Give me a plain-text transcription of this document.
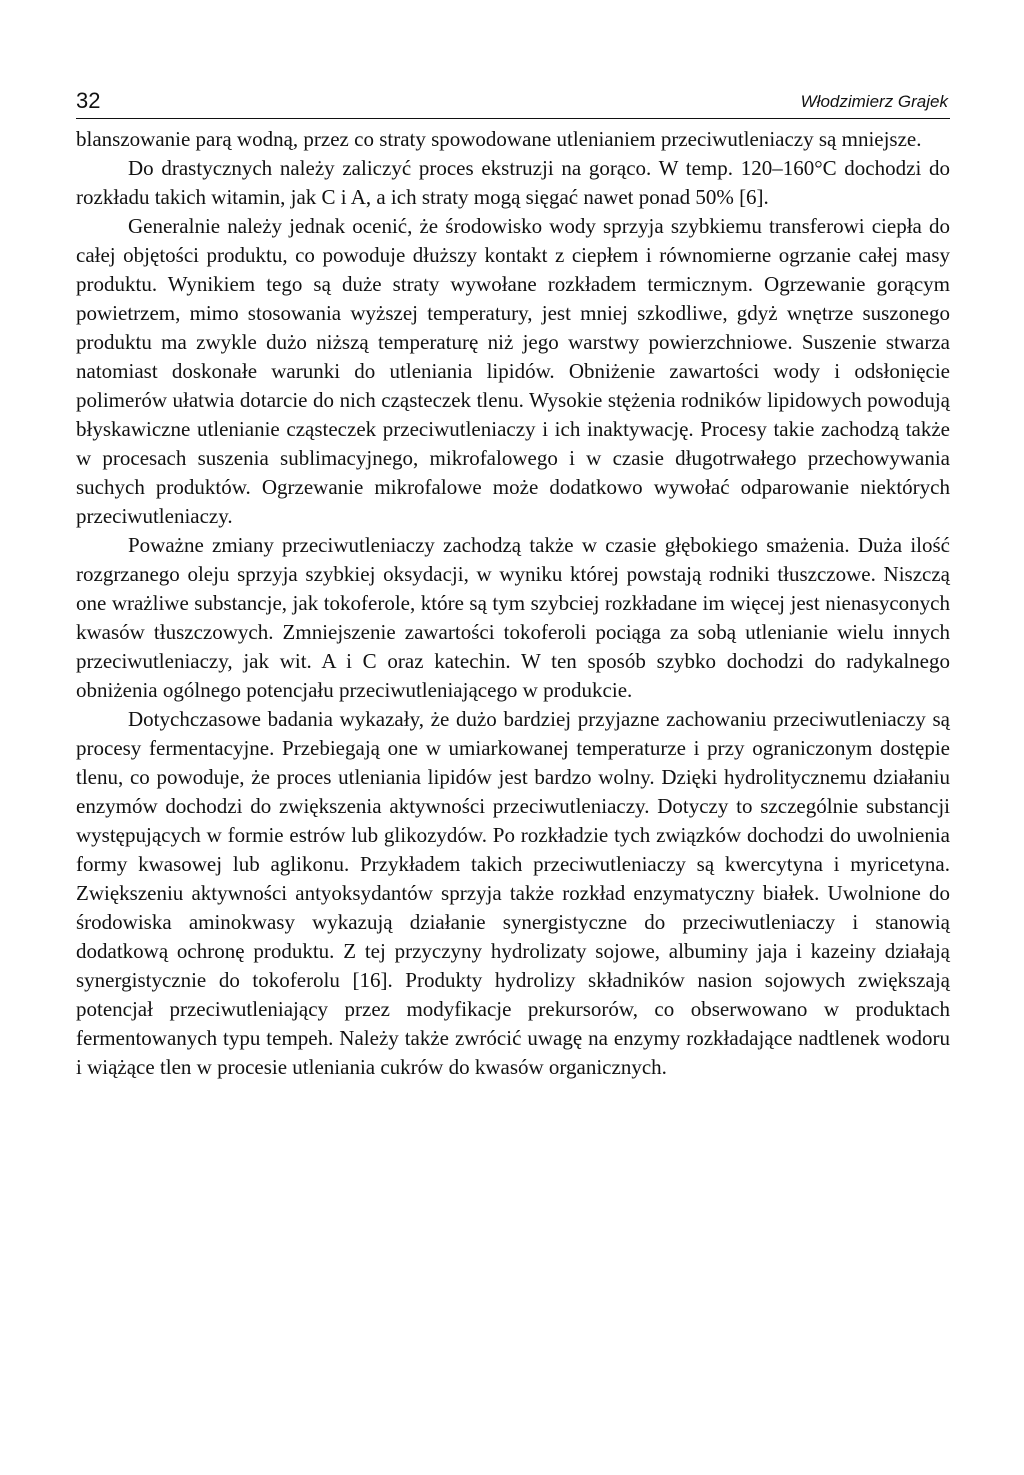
32	Włodzimierz Grajek

blanszowanie parą wodną, przez co straty spowodowane utlenianiem przeciwutleniaczy są mniejsze.

Do drastycznych należy zaliczyć proces ekstruzji na gorąco. W temp. 120–160°C dochodzi do rozkładu takich witamin, jak C i A, a ich straty mogą sięgać nawet ponad 50% [6].

Generalnie należy jednak ocenić, że środowisko wody sprzyja szybkiemu transferowi ciepła do całej objętości produktu, co powoduje dłuższy kontakt z ciepłem i równomierne ogrzanie całej masy produktu. Wynikiem tego są duże straty wywołane rozkładem termicznym. Ogrzewanie gorącym powietrzem, mimo stosowania wyższej temperatury, jest mniej szkodliwe, gdyż wnętrze suszonego produktu ma zwykle dużo niższą temperaturę niż jego warstwy powierzchniowe. Suszenie stwarza natomiast doskonałe warunki do utleniania lipidów. Obniżenie zawartości wody i odsłonięcie polimerów ułatwia dotarcie do nich cząsteczek tlenu. Wysokie stężenia rodników lipidowych powodują błyskawiczne utlenianie cząsteczek przeciwutleniaczy i ich inaktywację. Procesy takie zachodzą także w procesach suszenia sublimacyjnego, mikrofalowego i w czasie długotrwałego przechowywania suchych produktów. Ogrzewanie mikrofalowe może dodatkowo wywołać odparowanie niektórych przeciwutleniaczy.

Poważne zmiany przeciwutleniaczy zachodzą także w czasie głębokiego smażenia. Duża ilość rozgrzanego oleju sprzyja szybkiej oksydacji, w wyniku której powstają rodniki tłuszczowe. Niszczą one wrażliwe substancje, jak tokoferole, które są tym szybciej rozkładane im więcej jest nienasyconych kwasów tłuszczowych. Zmniejszenie zawartości tokoferoli pociąga za sobą utlenianie wielu innych przeciwutleniaczy, jak wit. A i C oraz katechin. W ten sposób szybko dochodzi do radykalnego obniżenia ogólnego potencjału przeciwutleniającego w produkcie.

Dotychczasowe badania wykazały, że dużo bardziej przyjazne zachowaniu przeciwutleniaczy są procesy fermentacyjne. Przebiegają one w umiarkowanej temperaturze i przy ograniczonym dostępie tlenu, co powoduje, że proces utleniania lipidów jest bardzo wolny. Dzięki hydrolitycznemu działaniu enzymów dochodzi do zwiększenia aktywności przeciwutleniaczy. Dotyczy to szczególnie substancji występujących w formie estrów lub glikozydów. Po rozkładzie tych związków dochodzi do uwolnienia formy kwasowej lub aglikonu. Przykładem takich przeciwutleniaczy są kwercytyna i myricetyna. Zwiększeniu aktywności antyoksydantów sprzyja także rozkład enzymatyczny białek. Uwolnione do środowiska aminokwasy wykazują działanie synergistyczne do przeciwutleniaczy i stanowią dodatkową ochronę produktu. Z tej przyczyny hydrolizaty sojowe, albuminy jaja i kazeiny działają synergistycznie do tokoferolu [16]. Produkty hydrolizy składników nasion sojowych zwiększają potencjał przeciwutleniający przez modyfikacje prekursorów, co obserwowano w produktach fermentowanych typu tempeh. Należy także zwrócić uwagę na enzymy rozkładające nadtlenek wodoru i wiążące tlen w procesie utleniania cukrów do kwasów organicznych.
